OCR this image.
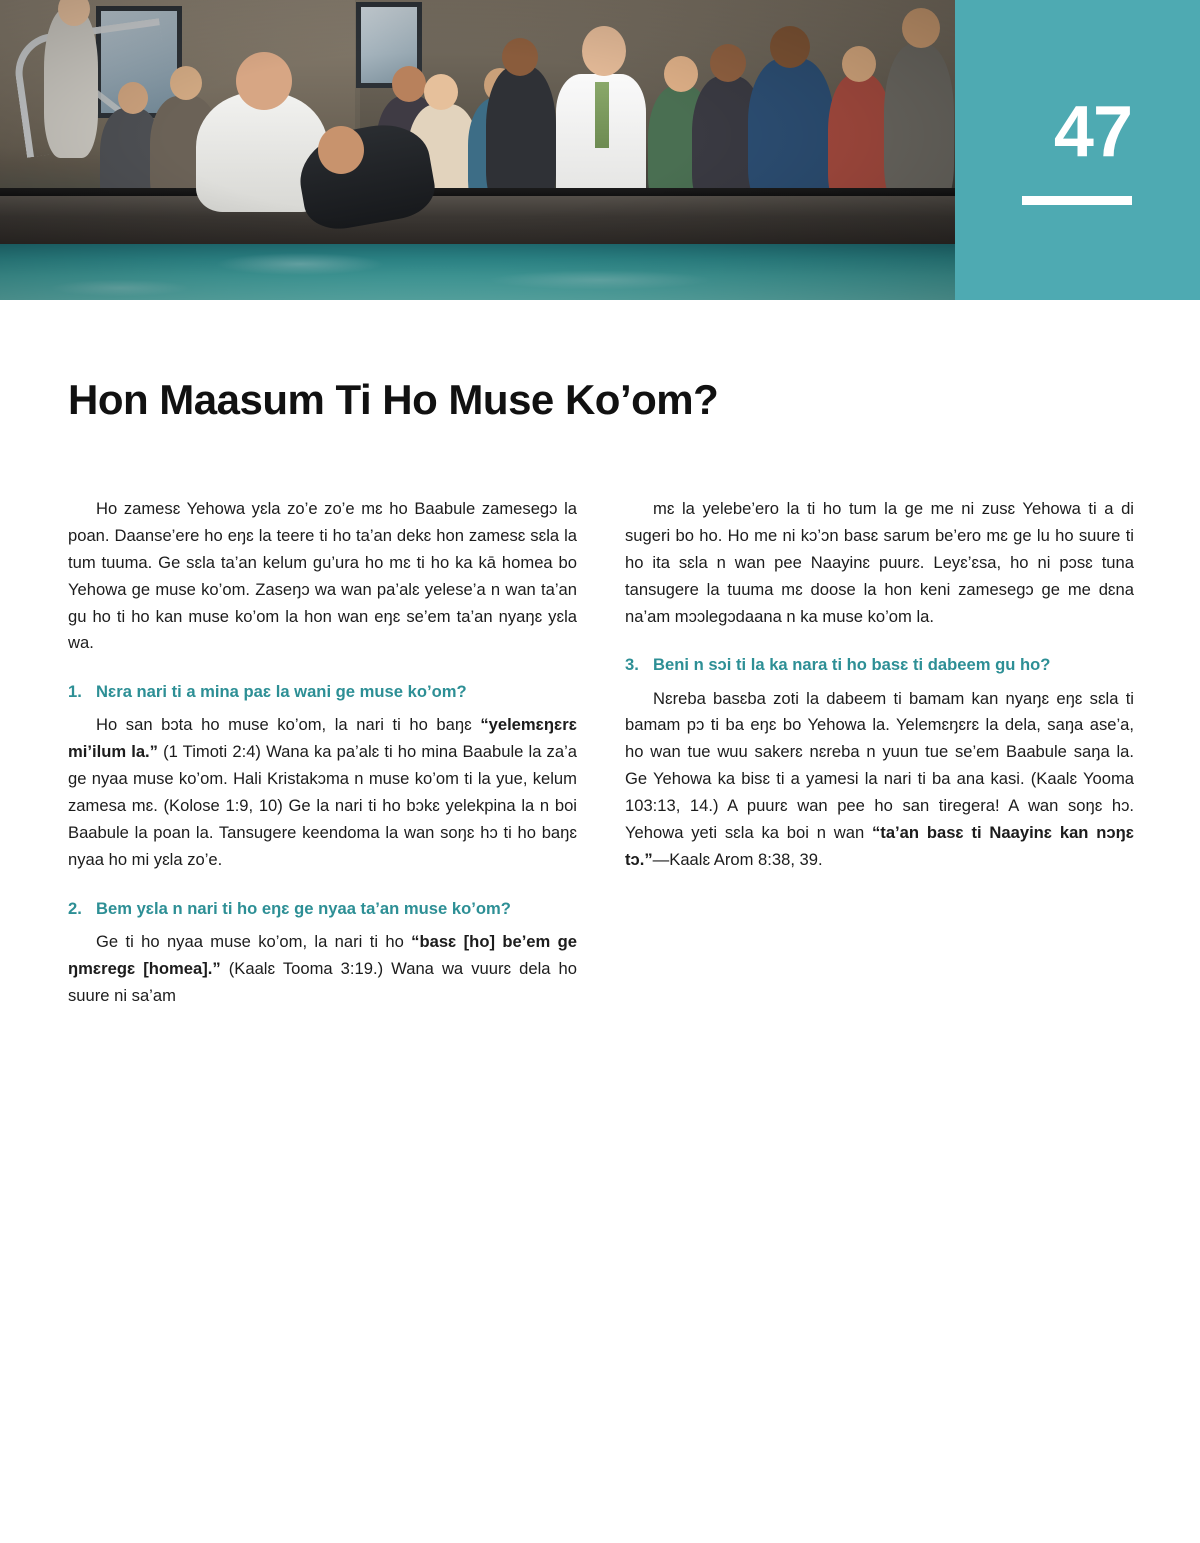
47
Hon Maasum Ti Ho Muse Ko’om?

Ho zamesɛ Yehowa yɛla zo’e zo’e mɛ ho Baabule zamesegɔ la poan. Daanse’ere ho eŋɛ la teere ti ho ta’an dekɛ hon zamesɛ sɛla la tum tuuma. Ge sɛla ta’an kelum gu’ura ho mɛ ti ho ka kā homea bo Yehowa ge muse ko’om. Zaseŋɔ wa wan pa’alɛ yelese’a n wan ta’an gu ho ti ho kan muse ko’om la hon wan eŋɛ se’em ta’an nyaŋɛ yɛla wa.

1. Nɛra nari ti a mina paɛ la wani ge muse ko’om?

Ho san bɔta ho muse ko’om, la nari ti ho baŋɛ “yelemɛŋɛrɛ mi’ilum la.” (1 Timoti 2:4) Wana ka pa’alɛ ti ho mina Baabule la za’a ge nyaa muse ko’om. Hali Kristakɔma n muse ko’om ti la yue, kelum zamesa mɛ. (Kolose 1:9, 10) Ge la nari ti ho bɔkɛ yelekpina la n boi Baabule la poan la. Tansugere keendoma la wan soŋɛ hɔ ti ho baŋɛ nyaa ho mi yɛla zo’e.

2. Bem yɛla n nari ti ho eŋɛ ge nyaa ta’an muse ko’om?

Ge ti ho nyaa muse ko’om, la nari ti ho “basɛ [ho] be’em ge ŋmɛregɛ [homea].” (Kaalɛ Tooma 3:19.) Wana wa vuurɛ dela ho suure ni sa’am

mɛ la yelebe’ero la ti ho tum la ge me ni zusɛ Yehowa ti a di sugeri bo ho. Ho me ni kɔ’ɔn basɛ sarum be’ero mɛ ge lu ho suure ti ho ita sɛla n wan pee Naayinɛ puurɛ. Leyɛ’ɛsa, ho ni pɔsɛ tuna tansugere la tuuma mɛ doose la hon keni zamesegɔ ge me dɛna na’am mɔɔlegɔdaana n ka muse ko’om la.

3. Beni n sɔi ti la ka nara ti ho basɛ ti dabeem gu ho?

Nɛreba basɛba zoti la dabeem ti bamam kan nyaŋɛ eŋɛ sɛla ti bamam pɔ ti ba eŋɛ bo Yehowa la. Yelemɛŋɛrɛ la dela, saŋa ase’a, ho wan tue wuu sakerɛ nɛreba n yuun tue se’em Baabule saŋa la. Ge Yehowa ka bisɛ ti a yamesi la nari ti ba ana kasi. (Kaalɛ Yooma 103:13, 14.) A puurɛ wan pee ho san tiregera! A wan soŋɛ hɔ. Yehowa yeti sɛla ka boi n wan “ta’an basɛ ti Naayinɛ kan nɔŋɛ tɔ.”—Kaalɛ Arom 8:38, 39.
